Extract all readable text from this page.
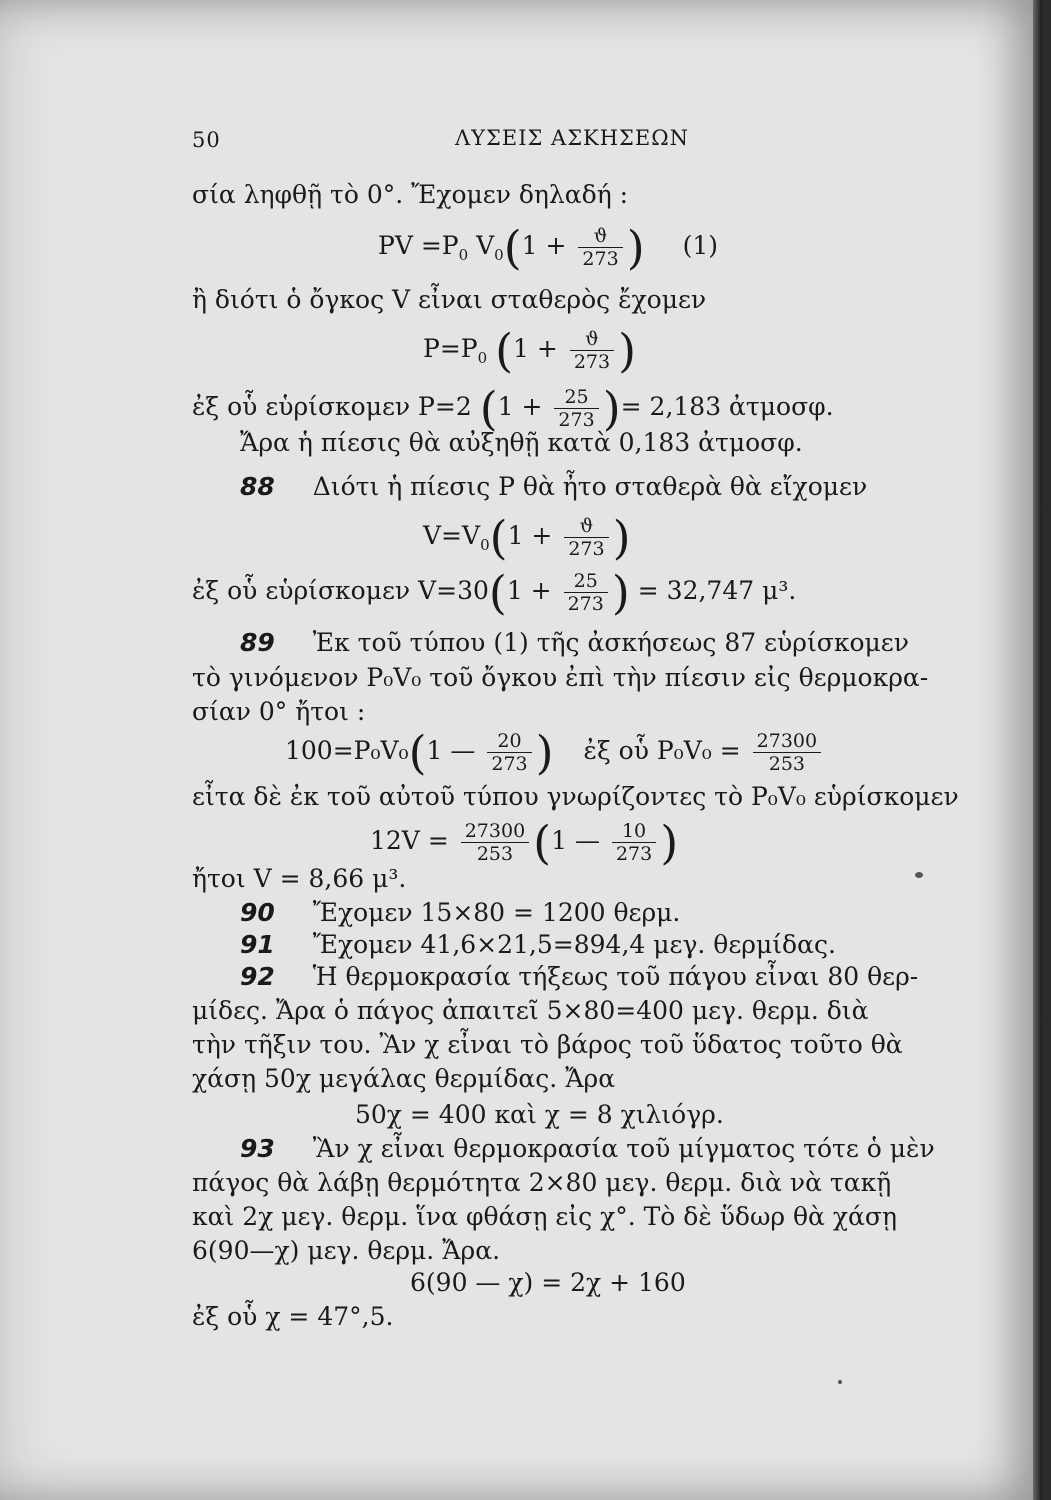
50	ΛΥΣΕΙΣ ΑΣΚΗΣΕΩΝ
σία ληφθῇ τὸ 0°. Ἔχομεν δηλαδή :
PV $=P_0$ $V_0(1 + \frac{ϑ}{273}$ ) (1)
ἢ διότι ὁ ὄγκος V εἶναι σταθερὸς ἔχομεν
$P=P_0$ ($1 + \frac{ϑ}{273}$ )
ἐξ οὗ εὑρίσκομεν P=2 ($1 + \frac{25}{273}$ )= 2,183 ἀτμοσφ.
Ἄρα ἡ πίεσις θὰ αὐξηθῇ κατὰ 0,183 ἀτμοσφ.
88 Διότι ἡ πίεσις P θὰ ἦτο σταθερὰ θὰ εἴχομεν
$V=V_0(1 + \frac{ϑ}{273}$ )
ἐξ οὗ εὑρίσκομεν $V=30(1 + \frac{25}{273}$ ) = 32,747 μ³.
89 Ἐκ τοῦ τύπου (1) τῆς ἀσκήσεως 87 εὑρίσκομεν
τὸ γινόμενον P₀V₀ τοῦ ὄγκου ἐπὶ τὴν πίεσιν εἰς θερμοκρα-
σίαν 0° ἤτοι :
100=P₀V₀(1 — $\frac{20}{273}$ ) ἐξ οὗ $P_0V_0 = \frac{27300}{253}$
εἶτα δὲ ἐκ τοῦ αὐτοῦ τύπου γνωρίζοντες τὸ P₀V₀ εὑρίσκομεν
$12V = \frac{27300}{253} (1$ — $\frac{10}{273}$ )
ἤτοι V = 8,66 μ³.
90 Ἔχομεν 15×80 = 1200 θερμ.
91 Ἔχομεν 41,6×21,5=894,4 μεγ. θερμίδας.
92 Ἡ θερμοκρασία τήξεως τοῦ πάγου εἶναι 80 θερ-
μίδες. Ἄρα ὁ πάγος ἀπαιτεῖ 5×80=400 μεγ. θερμ. διὰ
τὴν τῆξιν του. Ἂν χ εἶναι τὸ βάρος τοῦ ὕδατος τοῦτο θὰ
χάσῃ 50χ μεγάλας θερμίδας. Ἄρα
50χ = 400 καὶ χ = 8 χιλιόγρ.
93 Ἂν χ εἶναι θερμοκρασία τοῦ μίγματος τότε ὁ μὲν
πάγος θὰ λάβῃ θερμότητα 2×80 μεγ. θερμ. διὰ νὰ τακῇ
καὶ 2χ μεγ. θερμ. ἵνα φθάσῃ εἰς χ°. Τὸ δὲ ὕδωρ θὰ χάσῃ
6(90—χ) μεγ. θερμ. Ἄρα.
6(90 — χ) = 2χ + 160
ἐξ οὗ χ = 47°,5.
